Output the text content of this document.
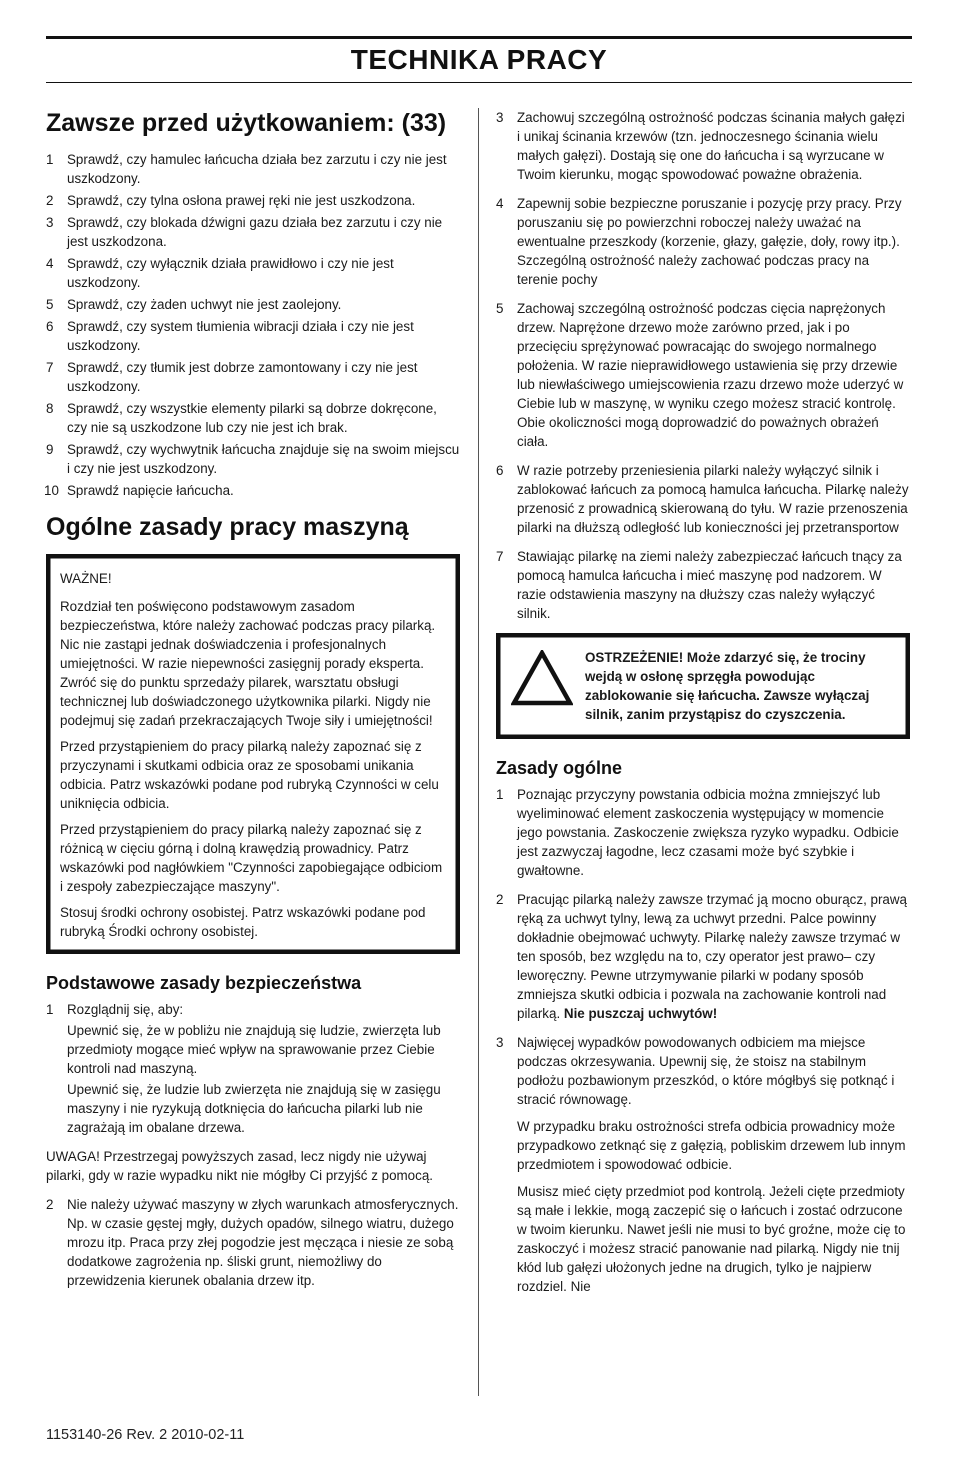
TECHNIKA PRACY
Zawsze przed użytkowaniem: (33)
1 Sprawdź, czy hamulec łańcucha działa bez zarzutu i czy nie jest uszkodzony.
2 Sprawdź, czy tylna osłona prawej ręki nie jest uszkodzona.
3 Sprawdź, czy blokada dźwigni gazu działa bez zarzutu i czy nie jest uszkodzona.
4 Sprawdź, czy wyłącznik działa prawidłowo i czy nie jest uszkodzony.
5 Sprawdź, czy żaden uchwyt nie jest zaolejony.
6 Sprawdź, czy system tłumienia wibracji działa i czy nie jest uszkodzony.
7 Sprawdź, czy tłumik jest dobrze zamontowany i czy nie jest uszkodzony.
8 Sprawdź, czy wszystkie elementy pilarki są dobrze dokręcone, czy nie są uszkodzone lub czy nie jest ich brak.
9 Sprawdź, czy wychwytnik łańcucha znajduje się na swoim miejscu i czy nie jest uszkodzony.
10 Sprawdź napięcie łańcucha.
Ogólne zasady pracy maszyną

WAŻNE!

Rozdział ten poświęcono podstawowym zasadom bezpieczeństwa, które należy zachować podczas pracy pilarką. Nic nie zastąpi jednak doświadczenia i profesjonalnych umiejętności. W razie niepewności zasięgnij porady eksperta. Zwróć się do punktu sprzedaży pilarek, warsztatu obsługi technicznej lub doświadczonego użytkownika pilarki. Nigdy nie podejmuj się zadań przekraczających Twoje siły i umiejętności!

Przed przystąpieniem do pracy pilarką należy zapoznać się z przyczynami i skutkami odbicia oraz ze sposobami unikania odbicia. Patrz wskazówki podane pod rubryką Czynności w celu uniknięcia odbicia.

Przed przystąpieniem do pracy pilarką należy zapoznać się z różnicą w cięciu górną i dolną krawędzią prowadnicy. Patrz wskazówki pod nagłówkiem "Czynności zapobiegające odbiciom i zespoły zabezpieczające maszyny".

Stosuj środki ochrony osobistej. Patrz wskazówki podane pod rubryką Środki ochrony osobistej.

Podstawowe zasady bezpieczeństwa
1 Rozglądnij się, aby:

Upewnić się, że w pobliżu nie znajdują się ludzie, zwierzęta lub przedmioty mogące mieć wpływ na sprawowanie przez Ciebie kontroli nad maszyną.

Upewnić się, że ludzie lub zwierzęta nie znajdują się w zasięgu maszyny i nie ryzykują dotknięcia do łańcucha pilarki lub nie zagrażają im obalane drzewa.

UWAGA! Przestrzegaj powyższych zasad, lecz nigdy nie używaj pilarki, gdy w razie wypadku nikt nie mógłby Ci przyjść z pomocą.

2 Nie należy używać maszyny w złych warunkach atmosferycznych. Np. w czasie gęstej mgły, dużych opadów, silnego wiatru, dużego mrozu itp. Praca przy złej pogodzie jest męcząca i niesie ze sobą dodatkowe zagrożenia np. śliski grunt, niemożliwy do przewidzenia kierunek obalania drzew itp.
3 Zachowuj szczególną ostrożność podczas ścinania małych gałęzi i unikaj ścinania krzewów (tzn. jednoczesnego ścinania wielu małych gałęzi). Dostają się one do łańcucha i są wyrzucane w Twoim kierunku, mogąc spowodować poważne obrażenia.
4 Zapewnij sobie bezpieczne poruszanie i pozycję przy pracy. Przy poruszaniu się po powierzchni roboczej należy uważać na ewentualne przeszkody (korzenie, głazy, gałęzie, doły, rowy itp.). Szczególną ostrożność należy zachować podczas pracy na terenie pochy
5 Zachowaj szczególną ostrożność podczas cięcia naprężonych drzew. Naprężone drzewo może zarówno przed, jak i po przecięciu sprężynować powracając do swojego normalnego położenia. W razie nieprawidłowego ustawienia się przy drzewie lub niewłaściwego umiejscowienia rzazu drzewo może uderzyć w Ciebie lub w maszynę, w wyniku czego możesz stracić kontrolę. Obie okoliczności mogą doprowadzić do poważnych obrażeń ciała.
6 W razie potrzeby przeniesienia pilarki należy wyłączyć silnik i zablokować łańcuch za pomocą hamulca łańcucha. Pilarkę należy przenosić z prowadnicą skierowaną do tyłu. W razie przenoszenia pilarki na dłuższą odległość lub konieczności jej przetransportow
7 Stawiając pilarkę na ziemi należy zabezpieczać łańcuch tnący za pomocą hamulca łańcucha i mieć maszynę pod nadzorem. W razie odstawienia maszyny na dłuższy czas należy wyłączyć silnik.
OSTRZEŻENIE! Może zdarzyć się, że trociny wejdą w osłonę sprzęgła powodując zablokowanie się łańcucha. Zawsze wyłączaj silnik, zanim przystąpisz do czyszczenia.
Zasady ogólne
1 Poznając przyczyny powstania odbicia można zmniejszyć lub wyeliminować element zaskoczenia występujący w momencie jego powstania. Zaskoczenie zwiększa ryzyko wypadku. Odbicie jest zazwyczaj łagodne, lecz czasami może być szybkie i gwałtowne.
2 Pracując pilarką należy zawsze trzymać ją mocno oburącz, prawą ręką za uchwyt tylny, lewą za uchwyt przedni. Palce powinny dokładnie obejmować uchwyty. Pilarkę należy zawsze trzymać w ten sposób, bez względu na to, czy operator jest prawo– czy leworęczny. Pewne utrzymywanie pilarki w podany sposób zmniejsza skutki odbicia i pozwala na zachowanie kontroli nad pilarką. Nie puszczaj uchwytów!
3 Najwięcej wypadków powodowanych odbiciem ma miejsce podczas okrzesywania. Upewnij się, że stoisz na stabilnym podłożu pozbawionym przeszkód, o które mógłbyś się potknąć i stracić równowagę.

W przypadku braku ostrożności strefa odbicia prowadnicy może przypadkowo zetknąć się z gałęzią, pobliskim drzewem lub innym przedmiotem i spowodować odbicie.

Musisz mieć cięty przedmiot pod kontrolą. Jeżeli cięte przedmioty są małe i lekkie, mogą zaczepić się o łańcuch i zostać odrzucone w twoim kierunku. Nawet jeśli nie musi to być groźne, może cię to zaskoczyć i możesz stracić panowanie nad pilarką. Nigdy nie tnij kłód lub gałęzi ułożonych jedne na drugich, tylko je najpierw rozdziel. Nie

1153140-26 Rev. 2 2010-02-11
